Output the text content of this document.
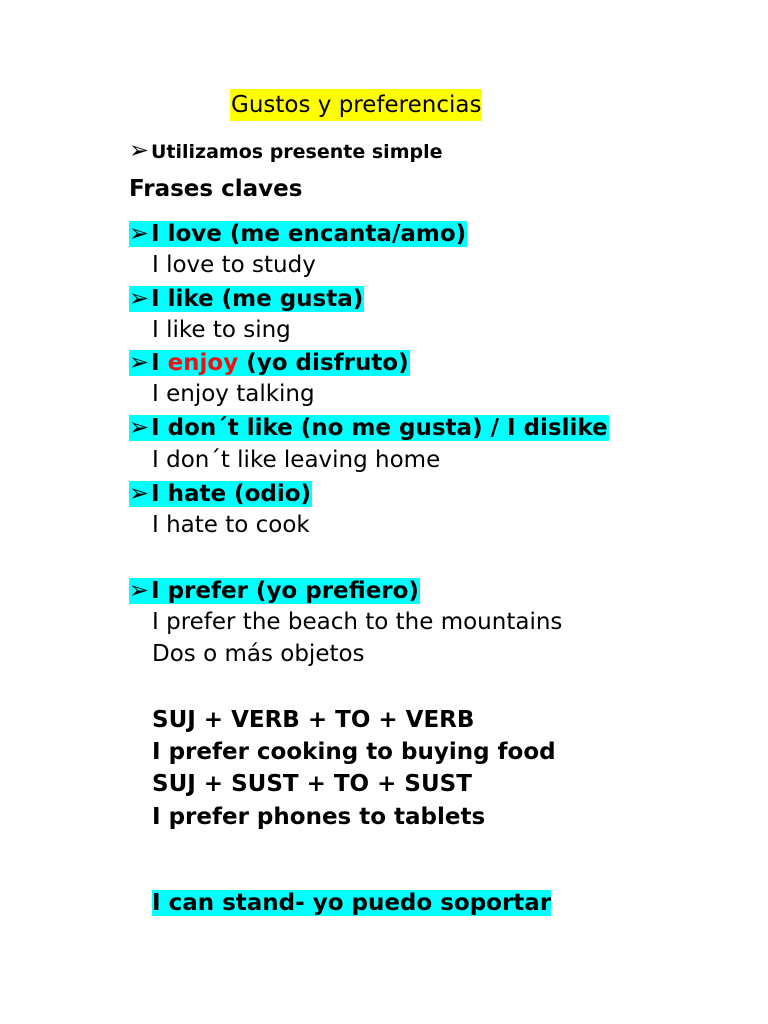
Gustos y preferencias
➢Utilizamos presente simple
Frases claves
➢I love (me encanta/amo)
I love to study
➢I like (me gusta)
I like to sing
➢I enjoy (yo disfruto)
I enjoy talking
➢I don´t like (no me gusta) / I dislike
I don´t like leaving home
➢I hate (odio)
I hate to cook
➢I prefer (yo prefiero)
I prefer the beach to the mountains
Dos o más objetos
SUJ + VERB + TO + VERB
I prefer cooking to buying food
SUJ + SUST + TO + SUST
I prefer phones to tablets
I can stand- yo puedo soportar
